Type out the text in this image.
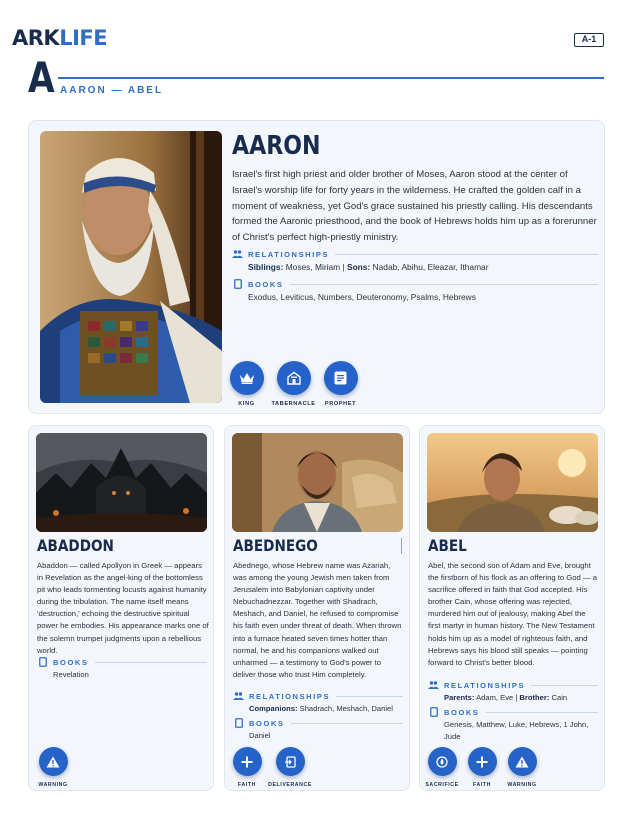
ARKLIFE	A-1
A AARON — ABEL
AARON
Israel's first high priest and older brother of Moses, Aaron stood at the center of Israel's worship life for forty years in the wilderness. He crafted the golden calf in a moment of weakness, yet God's grace sustained his priestly calling. His descendants formed the Aaronic priesthood, and the book of Hebrews holds him up as a forerunner of Christ's perfect high-priestly ministry.
RELATIONSHIPS
Siblings: Moses, Miriam | Sons: Nadab, Abihu, Eleazar, Ithamar
BOOKS
Exodus, Leviticus, Numbers, Deuteronomy, Psalms, Hebrews
KING	TABERNACLE PROPHET
ABADDON
Abaddon — called Apollyon in Greek — appears in Revelation as the angel-king of the bottomless pit who leads tormenting locusts against humanity during the tribulation. The name itself means 'destruction,' echoing the destructive spiritual power he embodies. His appearance marks one of the solemn trumpet judgments upon a rebellious world.
BOOKS
Revelation
WARNING
ABEDNEGO
Abednego, whose Hebrew name was Azariah, was among the young Jewish men taken from Jerusalem into Babylonian captivity under Nebuchadnezzar. Together with Shadrach, Meshach, and Daniel, he refused to compromise his faith even under threat of death. When thrown into a furnace heated seven times hotter than normal, he and his companions walked out unharmed — a testimony to God's power to deliver those who trust Him completely.
RELATIONSHIPS
Companions: Shadrach, Meshach, Daniel
BOOKS
Daniel
FAITH DELIVERANCE
ABEL
Abel, the second son of Adam and Eve, brought the firstborn of his flock as an offering to God — a sacrifice offered in faith that God accepted. His brother Cain, whose offering was rejected, murdered him out of jealousy, making Abel the first martyr in human history. The New Testament holds him up as a model of righteous faith, and Hebrews says his blood still speaks — pointing forward to Christ's better blood.
RELATIONSHIPS
Parents: Adam, Eve | Brother: Cain
BOOKS
Genesis, Matthew, Luke, Hebrews, 1 John, Jude
SACRIFICE	FAITH	WARNING
